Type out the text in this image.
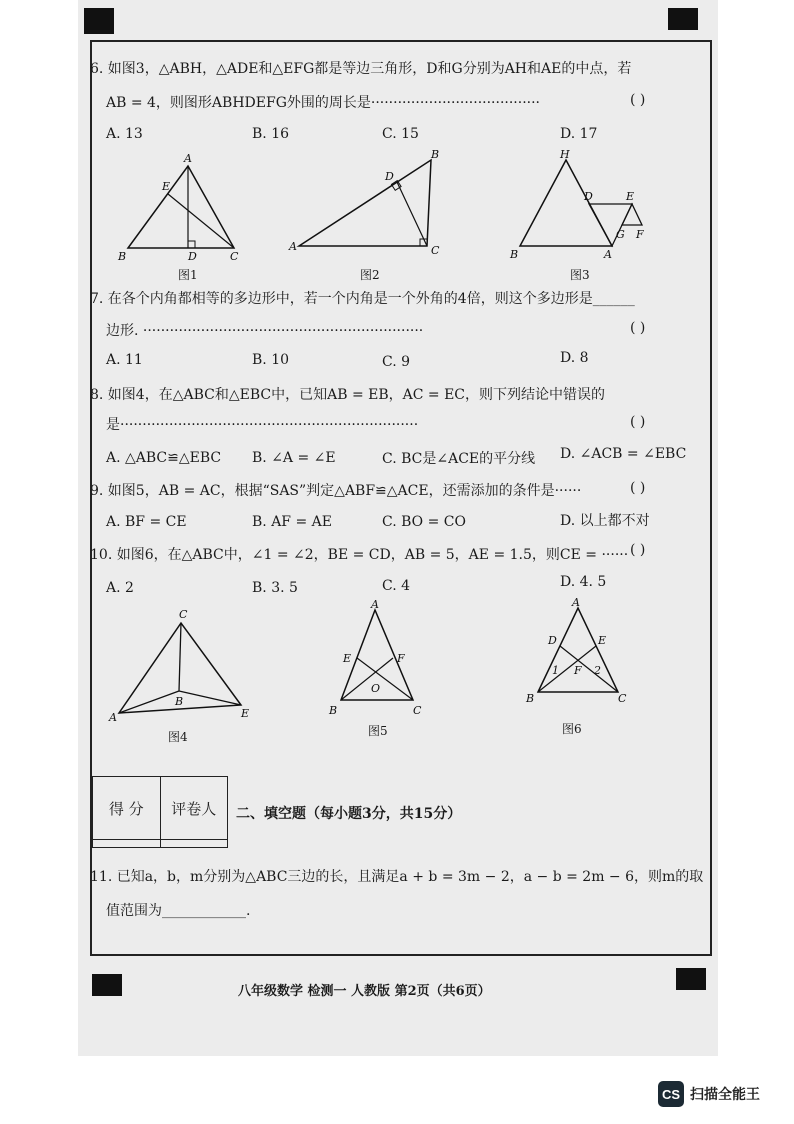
6. 如图3，△ABH，△ADE和△EFG都是等边三角形，D和G分别为AH和AE的中点，若
AB = 4，则图形ABHDEFG外围的周长是······································	( )
A. 13	B. 16	C. 15	D. 17
A
E
B	D	C
图1
B
D
A	C
图2
H
D	E
A
G F
B
图3
7. 在各个内角都相等的多边形中，若一个内角是一个外角的4倍，则这个多边形是______
边形. ·······························································	( )
A. 11	B. 10	C. 9	D. 8
8. 如图4，在△ABC和△EBC中，已知AB = EB，AC = EC，则下列结论中错误的
是···································································	( )
A. △ABC≌△EBC B. ∠A = ∠E	C. BC是∠ACE的平分线 D. ∠ACB = ∠EBC
9. 如图5，AB = AC，根据“SAS”判定△ABF≌△ACE，还需添加的条件是······	( )
A. BF = CE	B. AF = AE	C. BO = CO	D. 以上都不对
10. 如图6，在△ABC中，∠1 = ∠2，BE = CD，AB = 5，AE = 1.5，则CE = ······ ( )
A. 2	B. 3. 5	C. 4	D. 4. 5
C
B
A	E
图4
A
E	F
O
B	C
图5
A
D	E
F
1	2
B	C
图6
得 分	评卷人
	二、填空题（每小题3分，共15分）
11. 已知a，b，m分别为△ABC三边的长，且满足a + b = 3m − 2，a − b = 2m − 6，则m的取
值范围为____________.
八年级数学 检测一 人教版 第2页（共6页）
CS 扫描全能王
